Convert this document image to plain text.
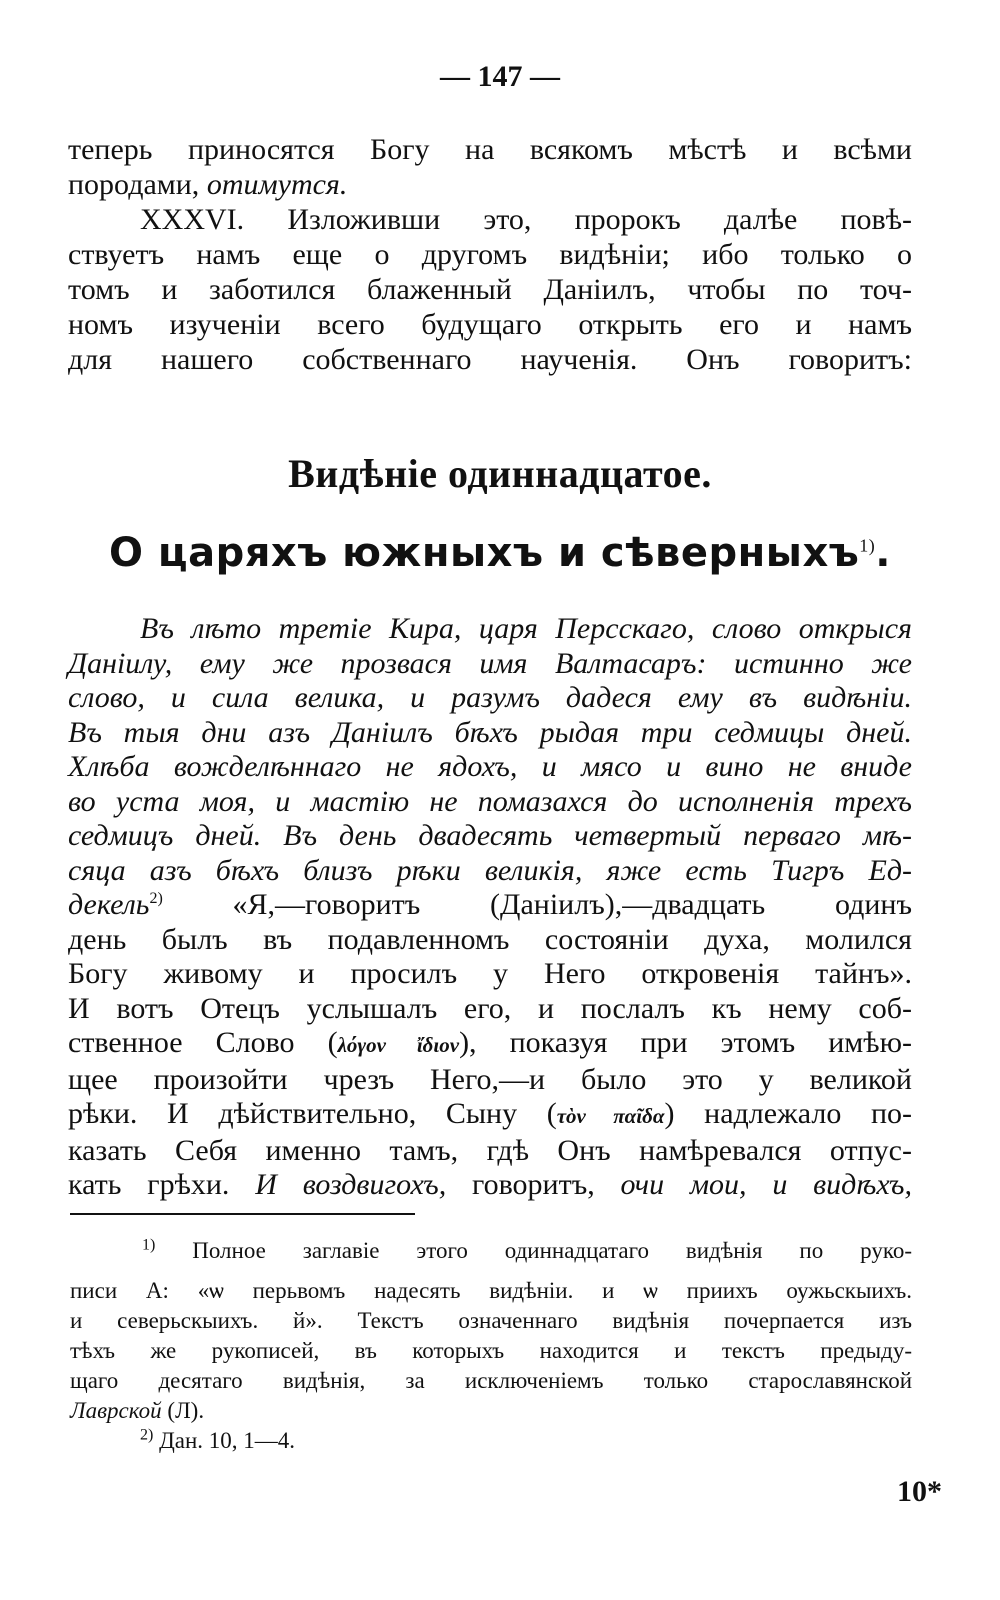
— 147 —

теперь приносятся Богу на всякомъ мѣстѣ и всѣми

породами, отимутся.

XXXVI. Изложивши это, пророкъ далѣе повѣ-

ствуетъ намъ еще о другомъ видѣнiи; ибо только о

томъ и заботился блаженный Данiилъ, чтобы по точ-

номъ изученiи всего будущаго открыть его и намъ

для нашего собственнаго наученiя. Онъ говоритъ:

Видѣнiе одиннадцатое.
О царяхъ южныхъ и сѣверныхъ$^{1)}$.

Въ лѣто третiе Кира, царя Персскаго, слово открыся

Даніилу, ему же прозвася имя Валтасаръ: истинно же

слово, и сила велика, и разумъ дадеся ему въ видѣнiи.

Въ тыя дни азъ Даніилъ бѣхъ рыдая три седмицы дней.

Хлѣба вожделѣннаго не ядохъ, и мясо и вино не вниде

во уста моя, и мастiю не помазахся до исполненiя трехъ

седмицъ дней. Въ день двадесять четвертый перваго мѣ-

сяца азъ бѣхъ близъ рѣки великiя, яже есть Тигръ Ед-

декель$^{2)}$ «Я,—говоритъ (Даніилъ),—двадцать одинъ

день былъ въ подавленномъ состоянiи духа, молился

Богу живому и просилъ у Него откровенiя тайнъ».

И вотъ Отецъ услышалъ его, и послалъ къ нему соб-

ственное Слово (λόγον ἴδιον), показуя при этомъ имѣю-

щее произойти чрезъ Него,—и было это у великой

рѣки. И дѣйствительно, Сыну (τὸν παῖδα) надлежало по-

казать Себя именно тамъ, гдѣ Онъ намѣревался отпус-

кать грѣхи. И воздвигохъ, говоритъ, очи мои, и видѣхъ,

$^{1)}$ Полное заглавiе этого одиннадцатаго видѣнiя по руко-

писи А: «ѡ перьвомъ надесять видѣнiи. и ѡ приихъ оужьскыихъ.

и северьскыихъ. й». Текстъ означеннаго видѣнiя почерпается изъ

тѣхъ же рукописей, въ которыхъ находится и текстъ предыду-

щаго десятаго видѣнiя, за исключенiемъ только старославянской

Лаврской (Л).

$^{2)}$ Дан. 10, 1—4.

10*
